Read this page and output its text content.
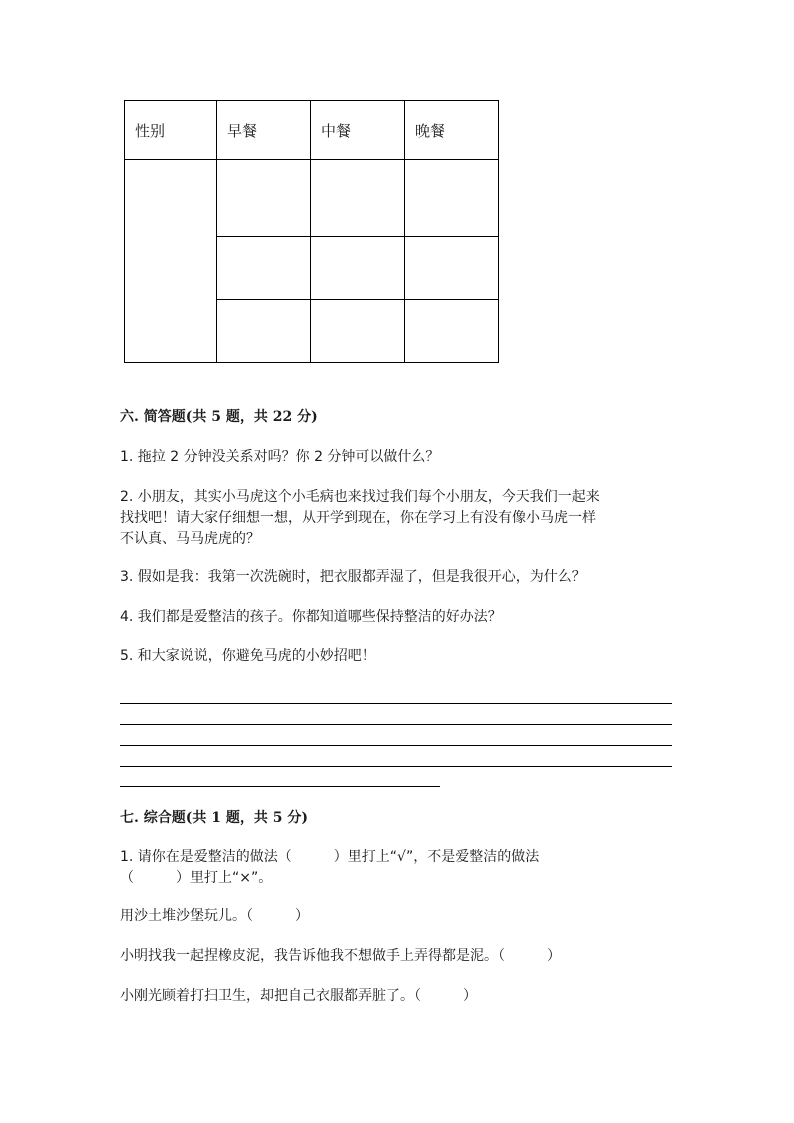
性别	早餐	中餐	晚餐

六. 简答题(共 5 题，共 22 分)
1. 拖拉 2 分钟没关系对吗？你 2 分钟可以做什么？
2. 小朋友，其实小马虎这个小毛病也来找过我们每个小朋友，今天我们一起来
找找吧！请大家仔细想一想，从开学到现在，你在学习上有没有像小马虎一样
不认真、马马虎虎的？
3. 假如是我：我第一次洗碗时，把衣服都弄湿了，但是我很开心，为什么？
4. 我们都是爱整洁的孩子。你都知道哪些保持整洁的好办法？
5. 和大家说说，你避免马虎的小妙招吧！
七. 综合题(共 1 题，共 5 分)
1. 请你在是爱整洁的做法（　　　）里打上“√”，不是爱整洁的做法
（　　　）里打上“×”。
用沙土堆沙堡玩儿。（　　　）
小明找我一起捏橡皮泥，我告诉他我不想做手上弄得都是泥。（　　　）
小刚光顾着打扫卫生，却把自己衣服都弄脏了。（　　　）
